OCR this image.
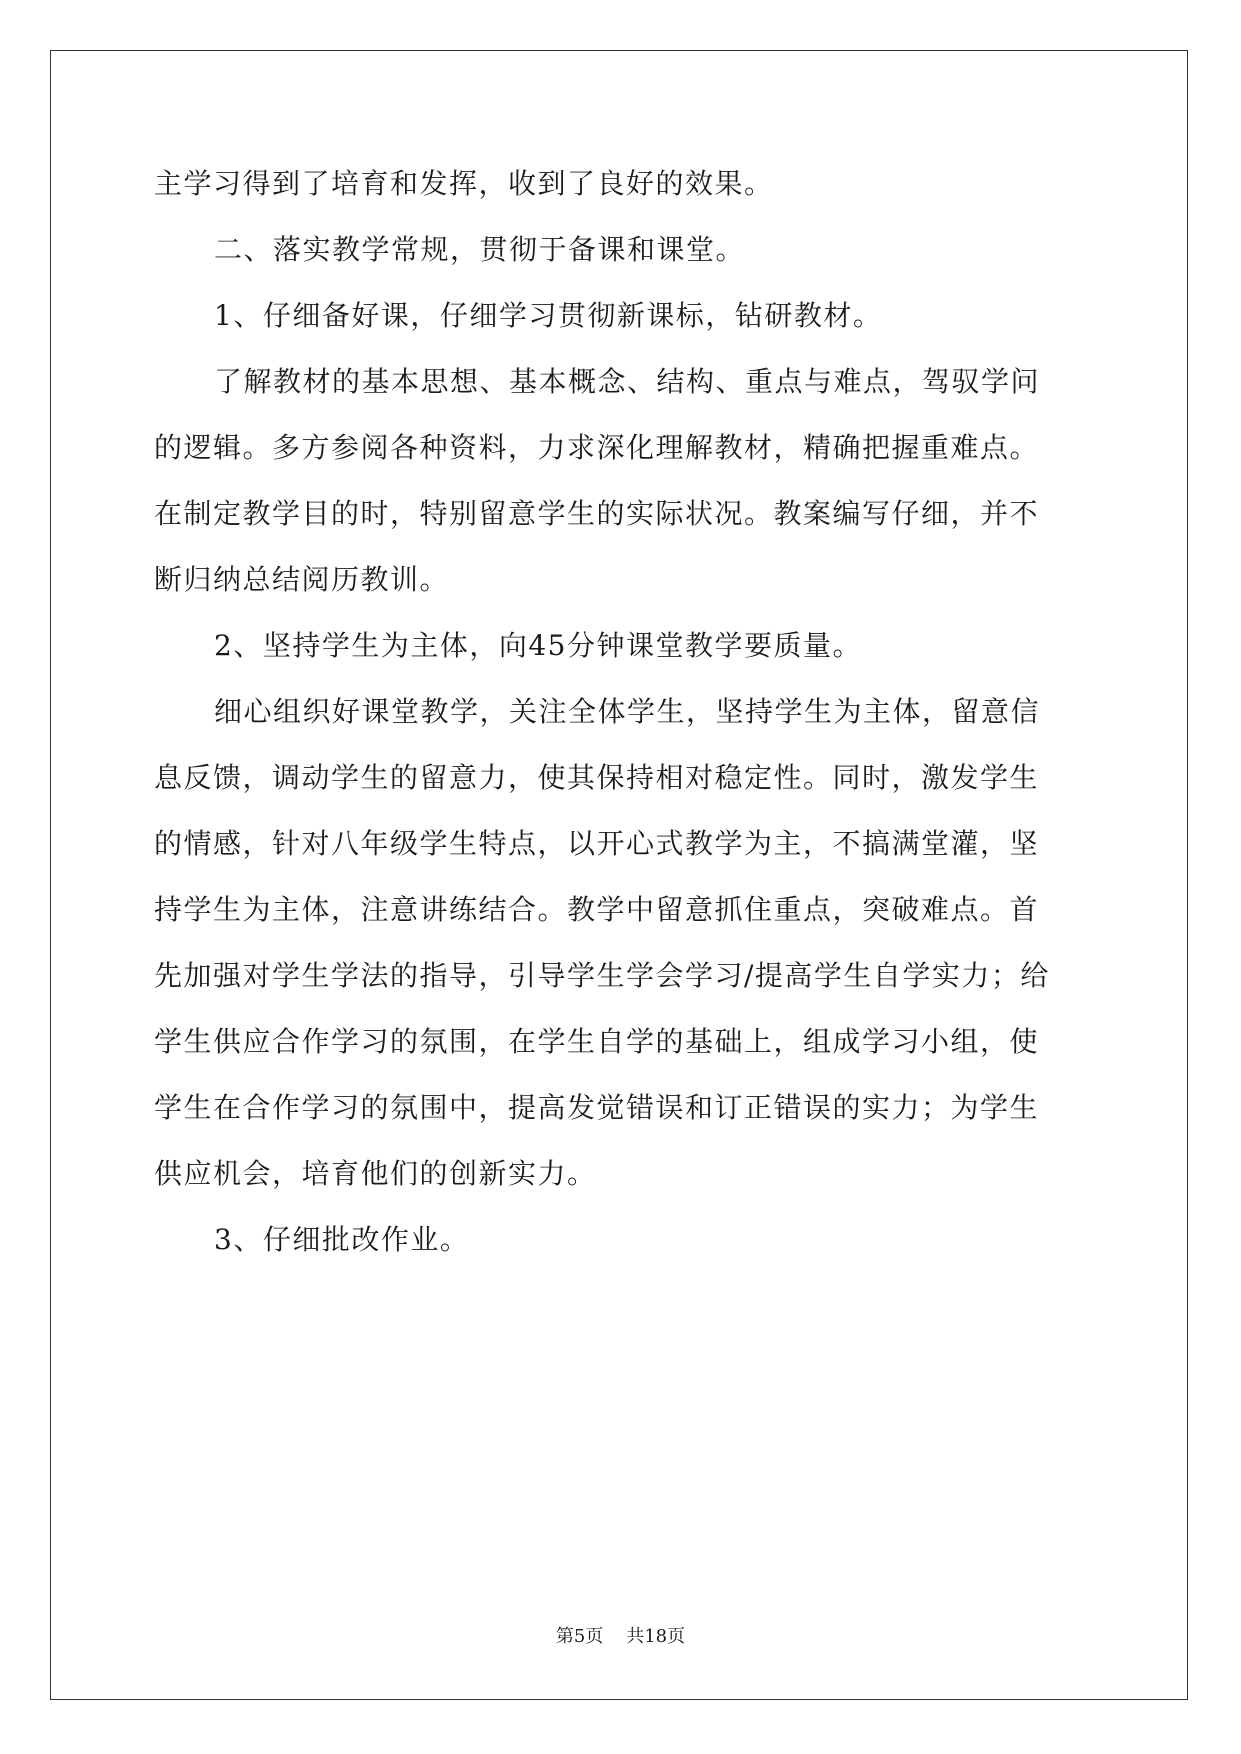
主学习得到了培育和发挥，收到了良好的效果。
二、落实教学常规，贯彻于备课和课堂。
1、仔细备好课，仔细学习贯彻新课标，钻研教材。
了解教材的基本思想、基本概念、结构、重点与难点，驾驭学问
的逻辑。多方参阅各种资料，力求深化理解教材，精确把握重难点。
在制定教学目的时，特别留意学生的实际状况。教案编写仔细，并不
断归纳总结阅历教训。
2、坚持学生为主体，向45分钟课堂教学要质量。
细心组织好课堂教学，关注全体学生，坚持学生为主体，留意信
息反馈，调动学生的留意力，使其保持相对稳定性。同时，激发学生
的情感，针对八年级学生特点，以开心式教学为主，不搞满堂灌，坚
持学生为主体，注意讲练结合。教学中留意抓住重点，突破难点。首
先加强对学生学法的指导，引导学生学会学习/提高学生自学实力；给
学生供应合作学习的氛围，在学生自学的基础上，组成学习小组，使
学生在合作学习的氛围中，提高发觉错误和订正错误的实力；为学生
供应机会，培育他们的创新实力。
3、仔细批改作业。
第5页 共18页
